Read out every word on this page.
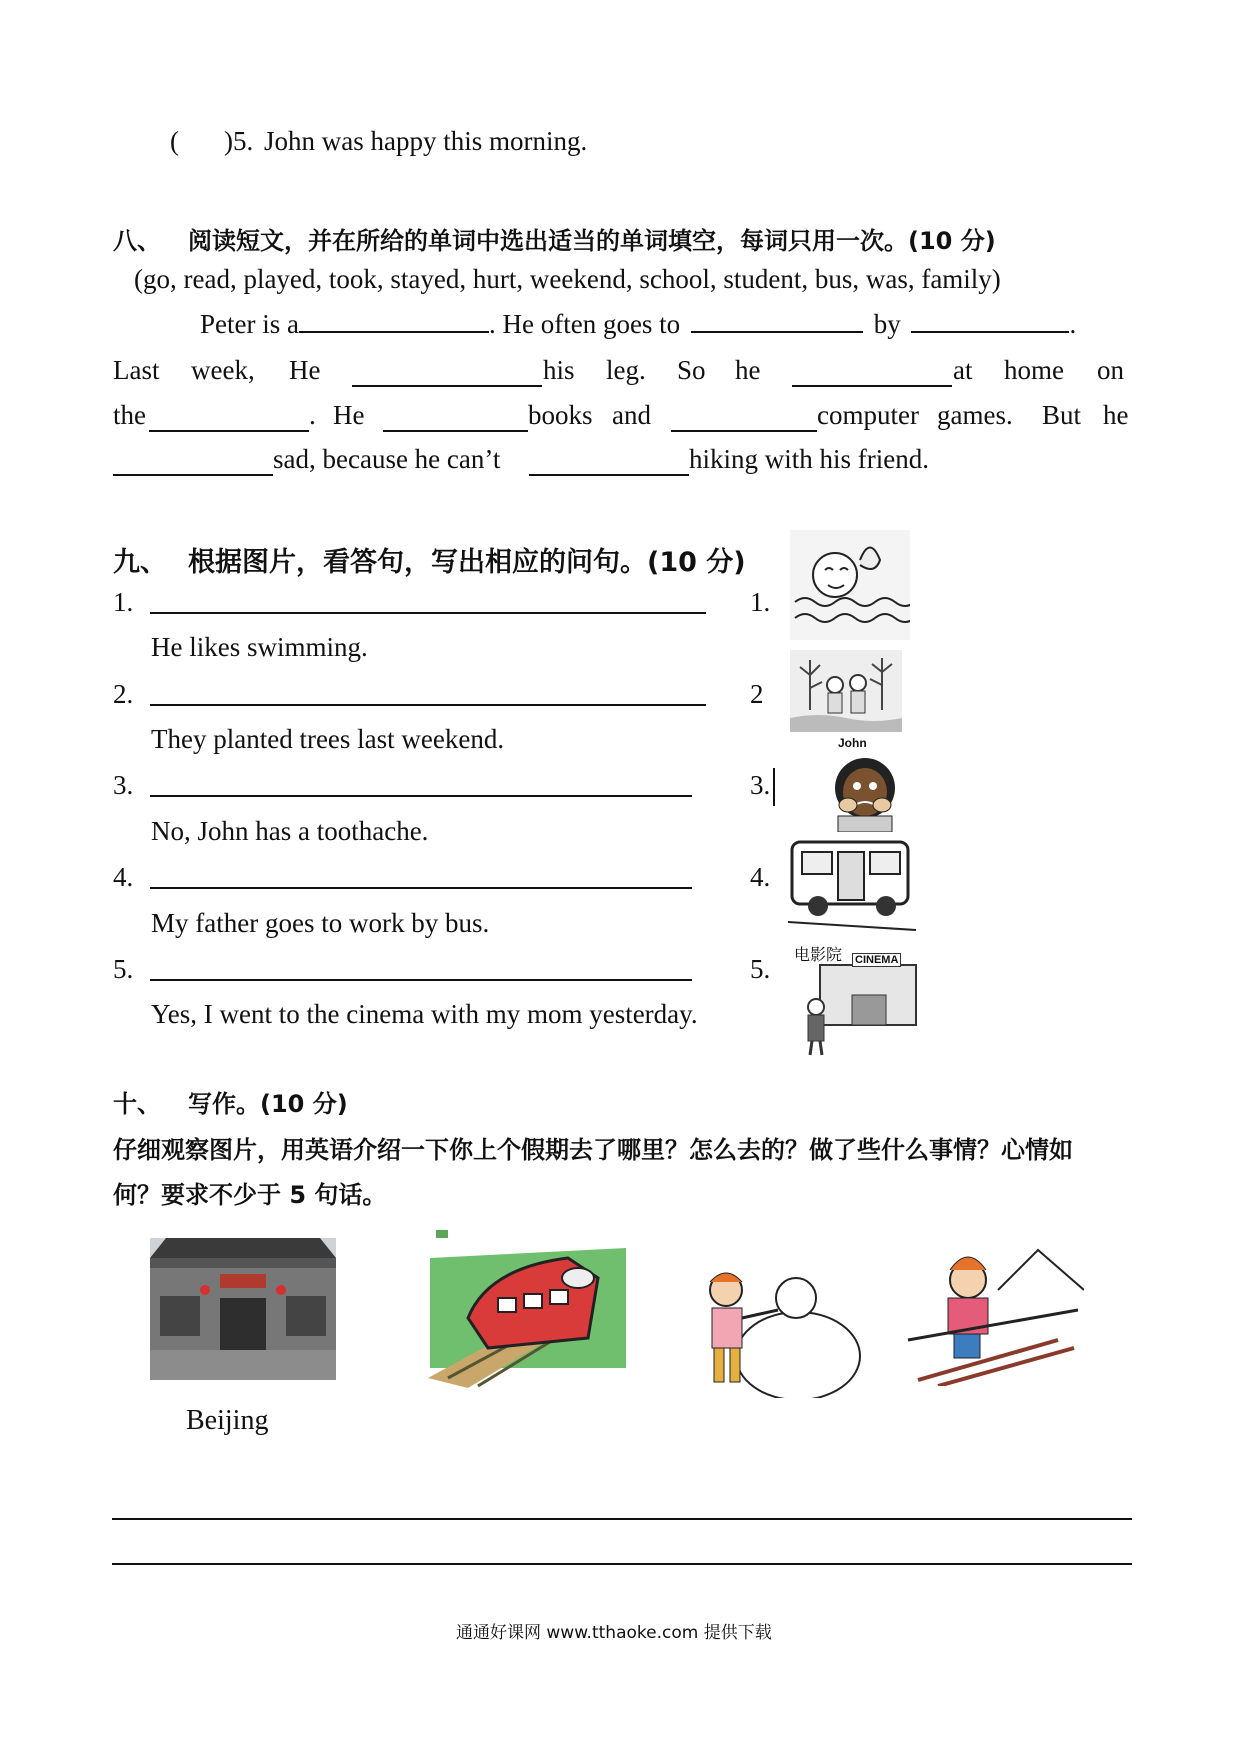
( )5. John was happy this morning.
八、 阅读短文，并在所给的单词中选出适当的单词填空，每词只用一次。(10 分)
(go, read, played, took, stayed, hurt, weekend, school, student, bus, was, family)
Peter is a	. He often goes to	by	.
Last week, He	his leg. So he	at home on
the	. He	books and	computer games. But he
sad, because he can’t	hiking with his friend.
九、 根据图片，看答句，写出相应的问句。(10 分)
1.
He likes swimming.
1.
2.
They planted trees last weekend.
2
3.
No, John has a toothache.
3.
4.
My father goes to work by bus.
4.
5.
Yes, I went to the cinema with my mom yesterday.
5.
John
电影院 CINEMA
十、 写作。(10 分)
仔细观察图片，用英语介绍一下你上个假期去了哪里？怎么去的？做了些什么事情？心情如
何？要求不少于 5 句话。
Beijing
通通好课网 www.tthaoke.com 提供下载
